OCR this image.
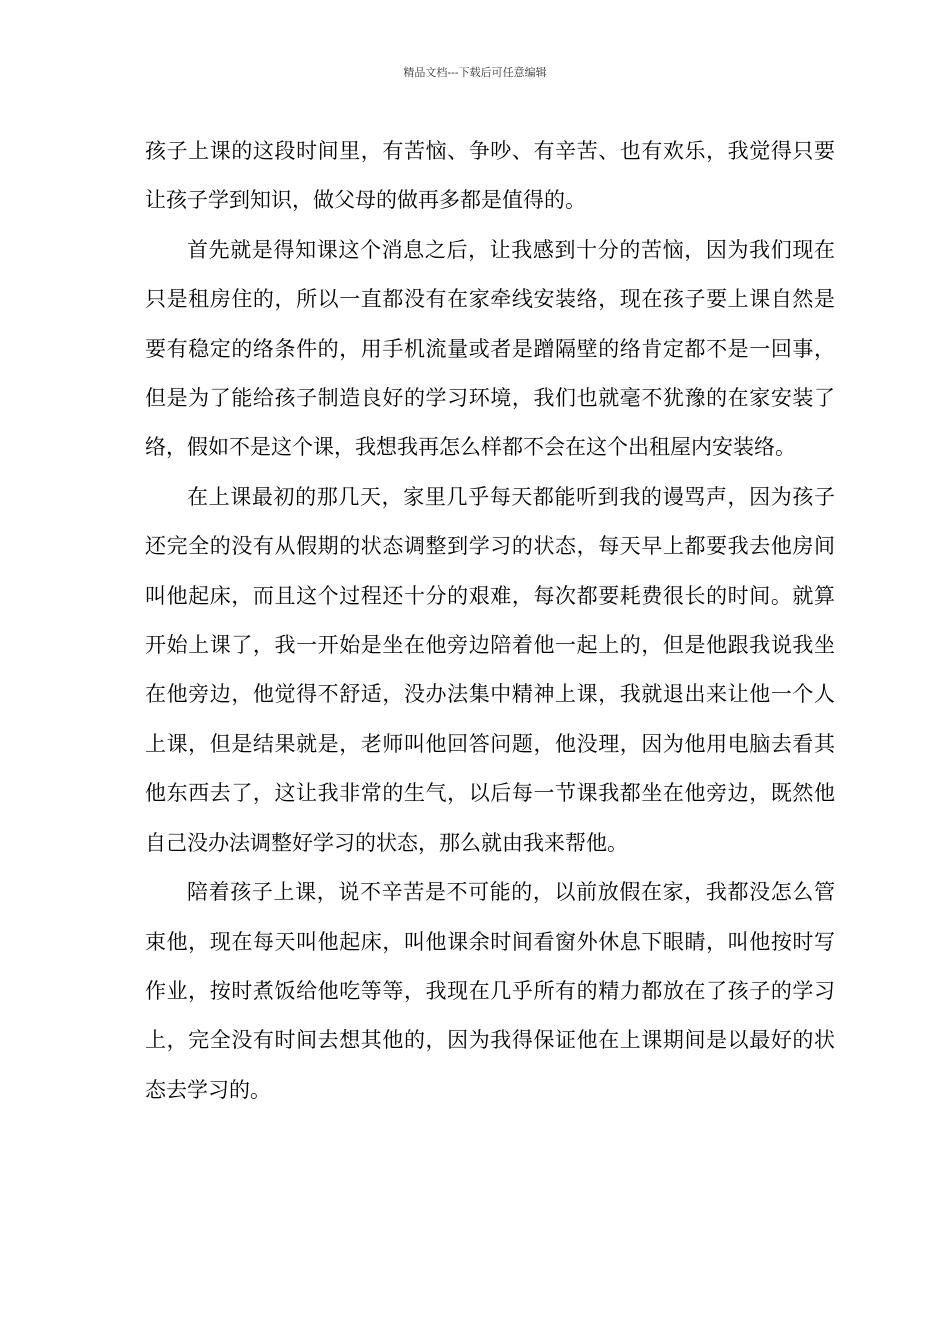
精品文档---下载后可任意编辑

孩子上课的这段时间里，有苦恼、争吵、有辛苦、也有欢乐，我觉得只要让孩子学到知识，做父母的做再多都是值得的。

首先就是得知课这个消息之后，让我感到十分的苦恼，因为我们现在只是租房住的，所以一直都没有在家牵线安装络，现在孩子要上课自然是要有稳定的络条件的，用手机流量或者是蹭隔壁的络肯定都不是一回事，但是为了能给孩子制造良好的学习环境，我们也就毫不犹豫的在家安装了络，假如不是这个课，我想我再怎么样都不会在这个出租屋内安装络。

在上课最初的那几天，家里几乎每天都能听到我的谩骂声，因为孩子还完全的没有从假期的状态调整到学习的状态，每天早上都要我去他房间叫他起床，而且这个过程还十分的艰难，每次都要耗费很长的时间。就算开始上课了，我一开始是坐在他旁边陪着他一起上的，但是他跟我说我坐在他旁边，他觉得不舒适，没办法集中精神上课，我就退出来让他一个人上课，但是结果就是，老师叫他回答问题，他没理，因为他用电脑去看其他东西去了，这让我非常的生气，以后每一节课我都坐在他旁边，既然他自己没办法调整好学习的状态，那么就由我来帮他。

陪着孩子上课，说不辛苦是不可能的，以前放假在家，我都没怎么管束他，现在每天叫他起床，叫他课余时间看窗外休息下眼睛，叫他按时写作业，按时煮饭给他吃等等，我现在几乎所有的精力都放在了孩子的学习上，完全没有时间去想其他的，因为我得保证他在上课期间是以最好的状态去学习的。
